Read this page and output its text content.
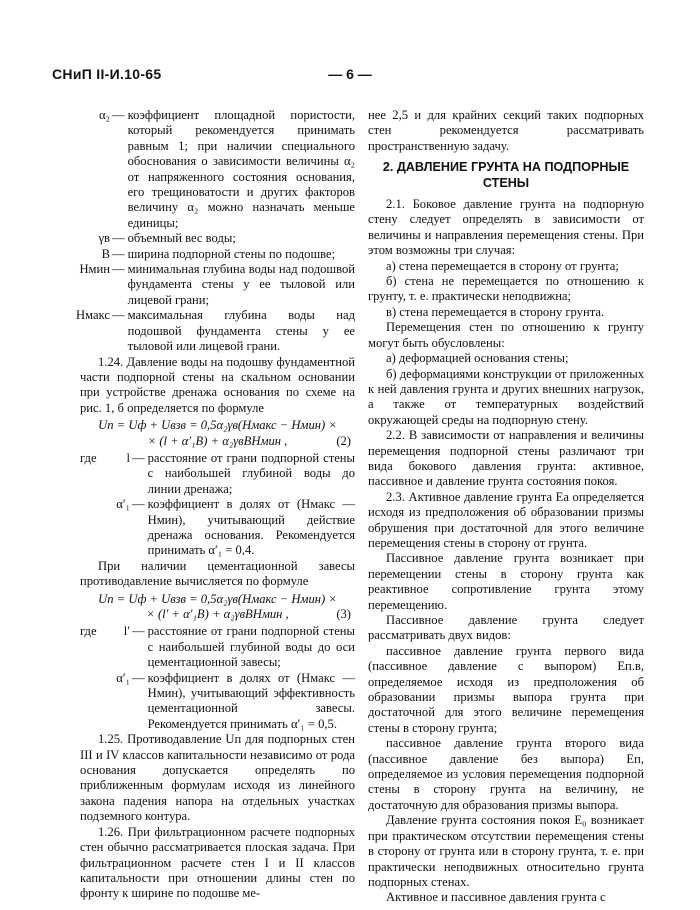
СНиП II-И.10-65	— 6 —
α₂ — коэффициент площадной пористости, который рекомендуется принимать равным 1; при наличии специального обоснования о зависимости величины α₂ от напряженного состояния основания, его трещиноватости и других факторов величину α₂ можно назначать меньше единицы;
γв — объемный вес воды;
B — ширина подпорной стены по подошве;
Hмин — минимальная глубина воды над подошвой фундамента стены у ее тыловой или лицевой грани;
Hмакс — максимальная глубина воды над подошвой фундамента стены у ее тыловой или лицевой грани.

1.24. Давление воды на подошву фундаментной части подпорной стены на скальном основании при устройстве дренажа основания по схеме на рис. 1, б определяется по формуле

Uп = Uф + Uвзв = 0,5α₂γв(Hмакс − Hмин) ×
× (l + α′₁B) + α₂γвBHмин ,	(2)
где	l — расстояние от грани подпорной стены с наибольшей глубиной воды до линии дренажа;
α′₁ — коэффициент в долях от (Hмакс — Hмин), учитывающий действие дренажа основания. Рекомендуется принимать α′₁ = 0,4.

При наличии цементационной завесы противодавление вычисляется по формуле

Uп = Uф + Uвзв = 0,5α₂γв(Hмакс − Hмин) ×
× (l′ + α′₁B) + α₂γвBHмин ,	(3)
где	l′ — расстояние от грани подпорной стены с наибольшей глубиной воды до оси цементационной завесы;
α′₁ — коэффициент в долях от (Hмакс — Hмин), учитывающий эффективность цементационной завесы. Рекомендуется принимать α′₁ = 0,5.

1.25. Противодавление Uп для подпорных стен III и IV классов капитальности независимо от рода основания допускается определять по приближенным формулам исходя из линейного закона падения напора на отдельных участках подземного контура.

1.26. При фильтрационном расчете подпорных стен обычно рассматривается плоская задача. При фильтрационном расчете стен I и II классов капитальности при отношении длины стен по фронту к ширине по подошве ме-

нее 2,5 и для крайних секций таких подпорных стен рекомендуется рассматривать пространственную задачу.

2. ДАВЛЕНИЕ ГРУНТА НА ПОДПОРНЫЕ СТЕНЫ

2.1. Боковое давление грунта на подпорную стену следует определять в зависимости от величины и направления перемещения стены. При этом возможны три случая:

а) стена перемещается в сторону от грунта;
б) стена не перемещается по отношению к грунту, т. е. практически неподвижна;
в) стена перемещается в сторону грунта.

Перемещения стен по отношению к грунту могут быть обусловлены:

а) деформацией основания стены;
б) деформациями конструкции от приложенных к ней давления грунта и других внешних нагрузок, а также от температурных воздействий окружающей среды на подпорную стену.

2.2. В зависимости от направления и величины перемещения подпорной стены различают три вида бокового давления грунта: активное, пассивное и давление грунта состояния покоя.

2.3. Активное давление грунта Eа определяется исходя из предположения об образовании призмы обрушения при достаточной для этого величине перемещения стены в сторону от грунта.

Пассивное давление грунта возникает при перемещении стены в сторону грунта как реактивное сопротивление грунта этому перемещению.

Пассивное давление грунта следует рассматривать двух видов:

пассивное давление грунта первого вида (пассивное давление с выпором) Eп.в, определяемое исходя из предположения об образовании призмы выпора грунта при достаточной для этого величине перемещения стены в сторону грунта;

пассивное давление грунта второго вида (пассивное давление без выпора) Eп, определяемое из условия перемещения подпорной стены в сторону грунта на величину, не достаточную для образования призмы выпора.

Давление грунта состояния покоя E₀ возникает при практическом отсутствии перемещения стены в сторону от грунта или в сторону грунта, т. е. при практически неподвижных относительно грунта подпорных стенах.

Активное и пассивное давления грунта с
